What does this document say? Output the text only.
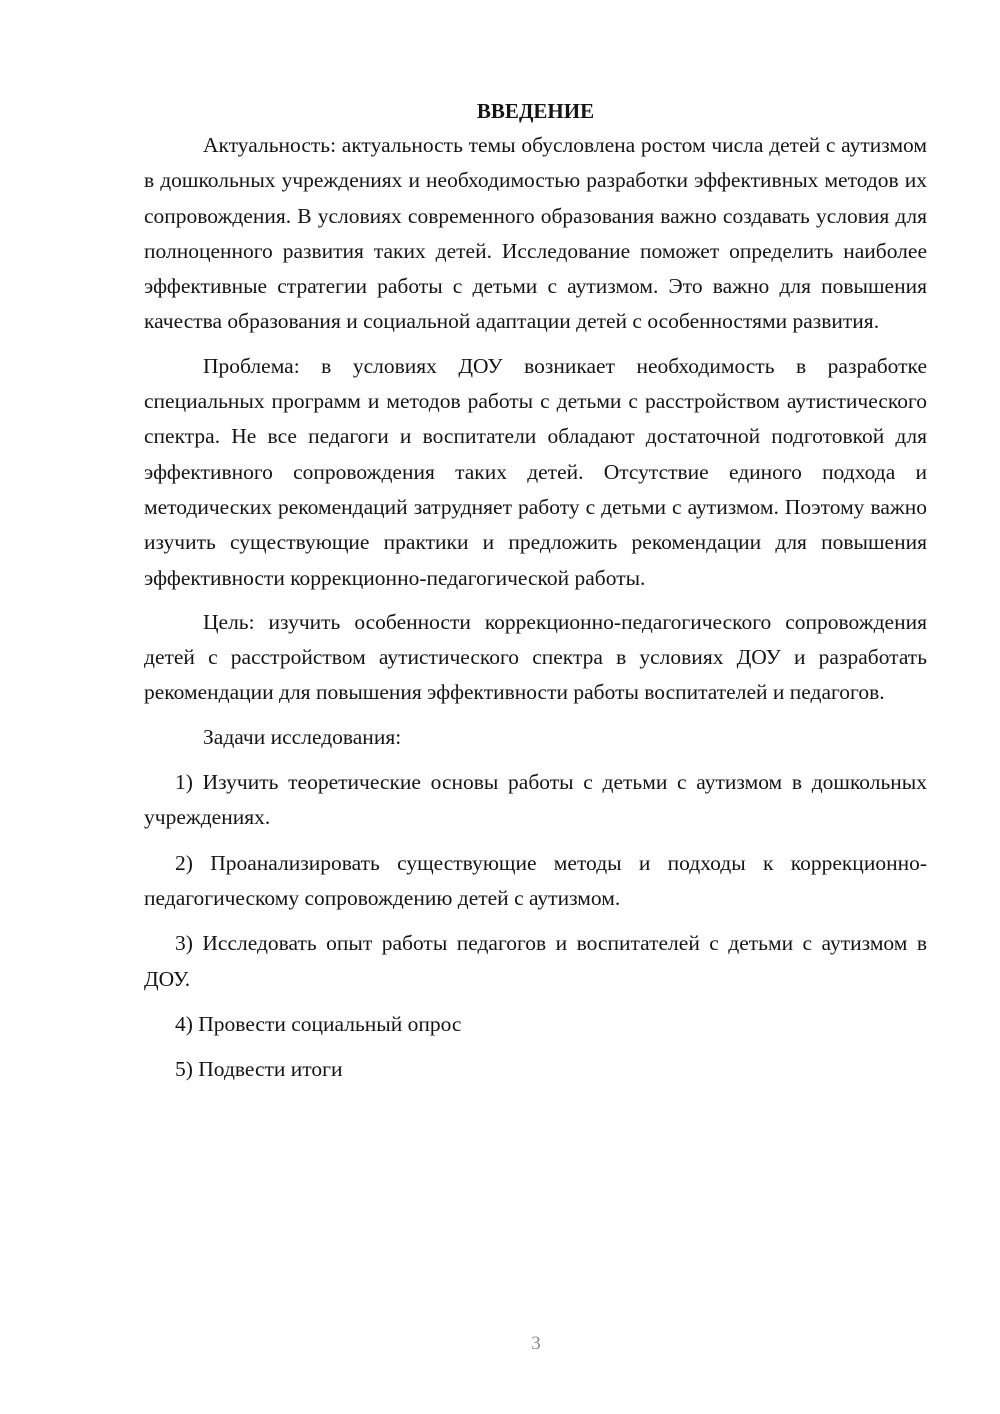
ВВЕДЕНИЕ

Актуальность: актуальность темы обусловлена ростом числа детей с аутизмом в дошкольных учреждениях и необходимостью разработки эффективных методов их сопровождения. В условиях современного образования важно создавать условия для полноценного развития таких детей. Исследование поможет определить наиболее эффективные стратегии работы с детьми с аутизмом. Это важно для повышения качества образования и социальной адаптации детей с особенностями развития.

Проблема: в условиях ДОУ возникает необходимость в разработке специальных программ и методов работы с детьми с расстройством аутистического спектра. Не все педагоги и воспитатели обладают достаточной подготовкой для эффективного сопровождения таких детей. Отсутствие единого подхода и методических рекомендаций затрудняет работу с детьми с аутизмом. Поэтому важно изучить существующие практики и предложить рекомендации для повышения эффективности коррекционно-педагогической работы.

Цель: изучить особенности коррекционно-педагогического сопровождения детей с расстройством аутистического спектра в условиях ДОУ и разработать рекомендации для повышения эффективности работы воспитателей и педагогов.

Задачи исследования:

1) Изучить теоретические основы работы с детьми с аутизмом в дошкольных учреждениях.

2) Проанализировать существующие методы и подходы к коррекционно-педагогическому сопровождению детей с аутизмом.

3) Исследовать опыт работы педагогов и воспитателей с детьми с аутизмом в ДОУ.

4) Провести социальный опрос

5) Подвести итоги

3
